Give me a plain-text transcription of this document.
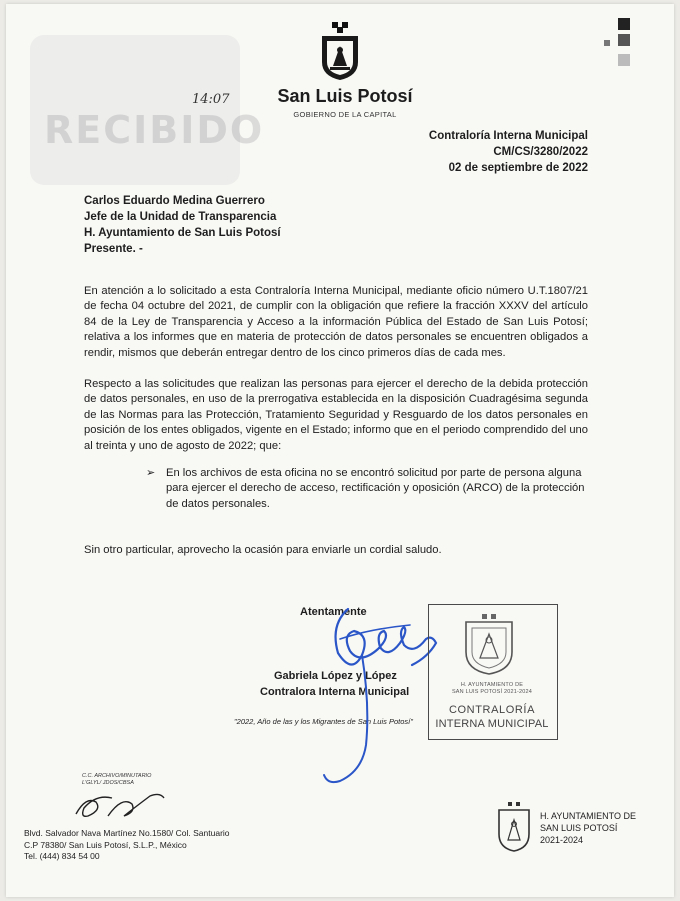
RECIBIDO
14:07	San Luis Potosí
GOBIERNO DE LA CAPITAL
Contraloría Interna Municipal
CM/CS/3280/2022
02 de septiembre de 2022
Carlos Eduardo Medina Guerrero
Jefe de la Unidad de Transparencia
H. Ayuntamiento de San Luis Potosí
Presente. -
En atención a lo solicitado a esta Contraloría Interna Municipal, mediante oficio número U.T.1807/21 de fecha 04 octubre del 2021, de cumplir con la obligación que refiere la fracción XXXV del artículo 84 de la Ley de Transparencia y Acceso a la información Pública del Estado de San Luis Potosí; relativa a los informes que en materia de protección de datos personales se encuentren obligados a rendir, mismos que deberán entregar dentro de los cinco primeros días de cada mes.
Respecto a las solicitudes que realizan las personas para ejercer el derecho de la debida protección de datos personales, en uso de la prerrogativa establecida en la disposición Cuadragésima segunda de las Normas para las Protección, Tratamiento Seguridad y Resguardo de los datos personales en posición de los entes obligados, vigente en el Estado; informo que en el periodo comprendido del uno al treinta y uno de agosto de 2022; que:
➢ En los archivos de esta oficina no se encontró solicitud por parte de persona alguna para ejercer el derecho de acceso, rectificación y oposición (ARCO) de la protección de datos personales.
Sin otro particular, aprovecho la ocasión para enviarle un cordial saludo.
Atentamente
Gabriela López y López
Contralora Interna Municipal
"2022, Año de las y los Migrantes de San Luis Potosí"
H. AYUNTAMIENTO DE
SAN LUIS POTOSÍ 2021-2024
CONTRALORÍA
INTERNA MUNICIPAL
C.C. ARCHIVO/MINUTARIO
L'GLYL/ JDOS/CBSA
Blvd. Salvador Nava Martínez No.1580/ Col. Santuario
C.P 78380/ San Luis Potosí, S.L.P., México
Tel. (444) 834 54 00
H. AYUNTAMIENTO DE
SAN LUIS POTOSÍ
2021-2024
